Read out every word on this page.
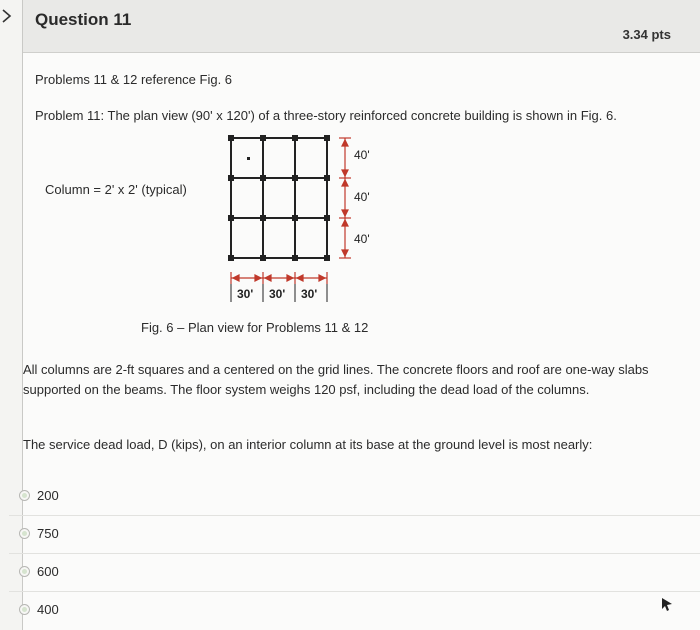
Question 11
3.34 pts
Problems 11 & 12 reference Fig. 6
Problem 11: The plan view (90' x 120') of a three-story reinforced concrete building is shown in Fig. 6.
Column = 2' x 2' (typical)
40'
40'
40'
30' 30' 30'
Fig. 6 – Plan view for Problems 11 & 12
All columns are 2-ft squares and a centered on the grid lines. The concrete floors and roof are one-way slabs supported on the beams. The floor system weighs 120 psf, including the dead load of the columns.
The service dead load, D (kips), on an interior column at its base at the ground level is most nearly:
200
750
600
400
